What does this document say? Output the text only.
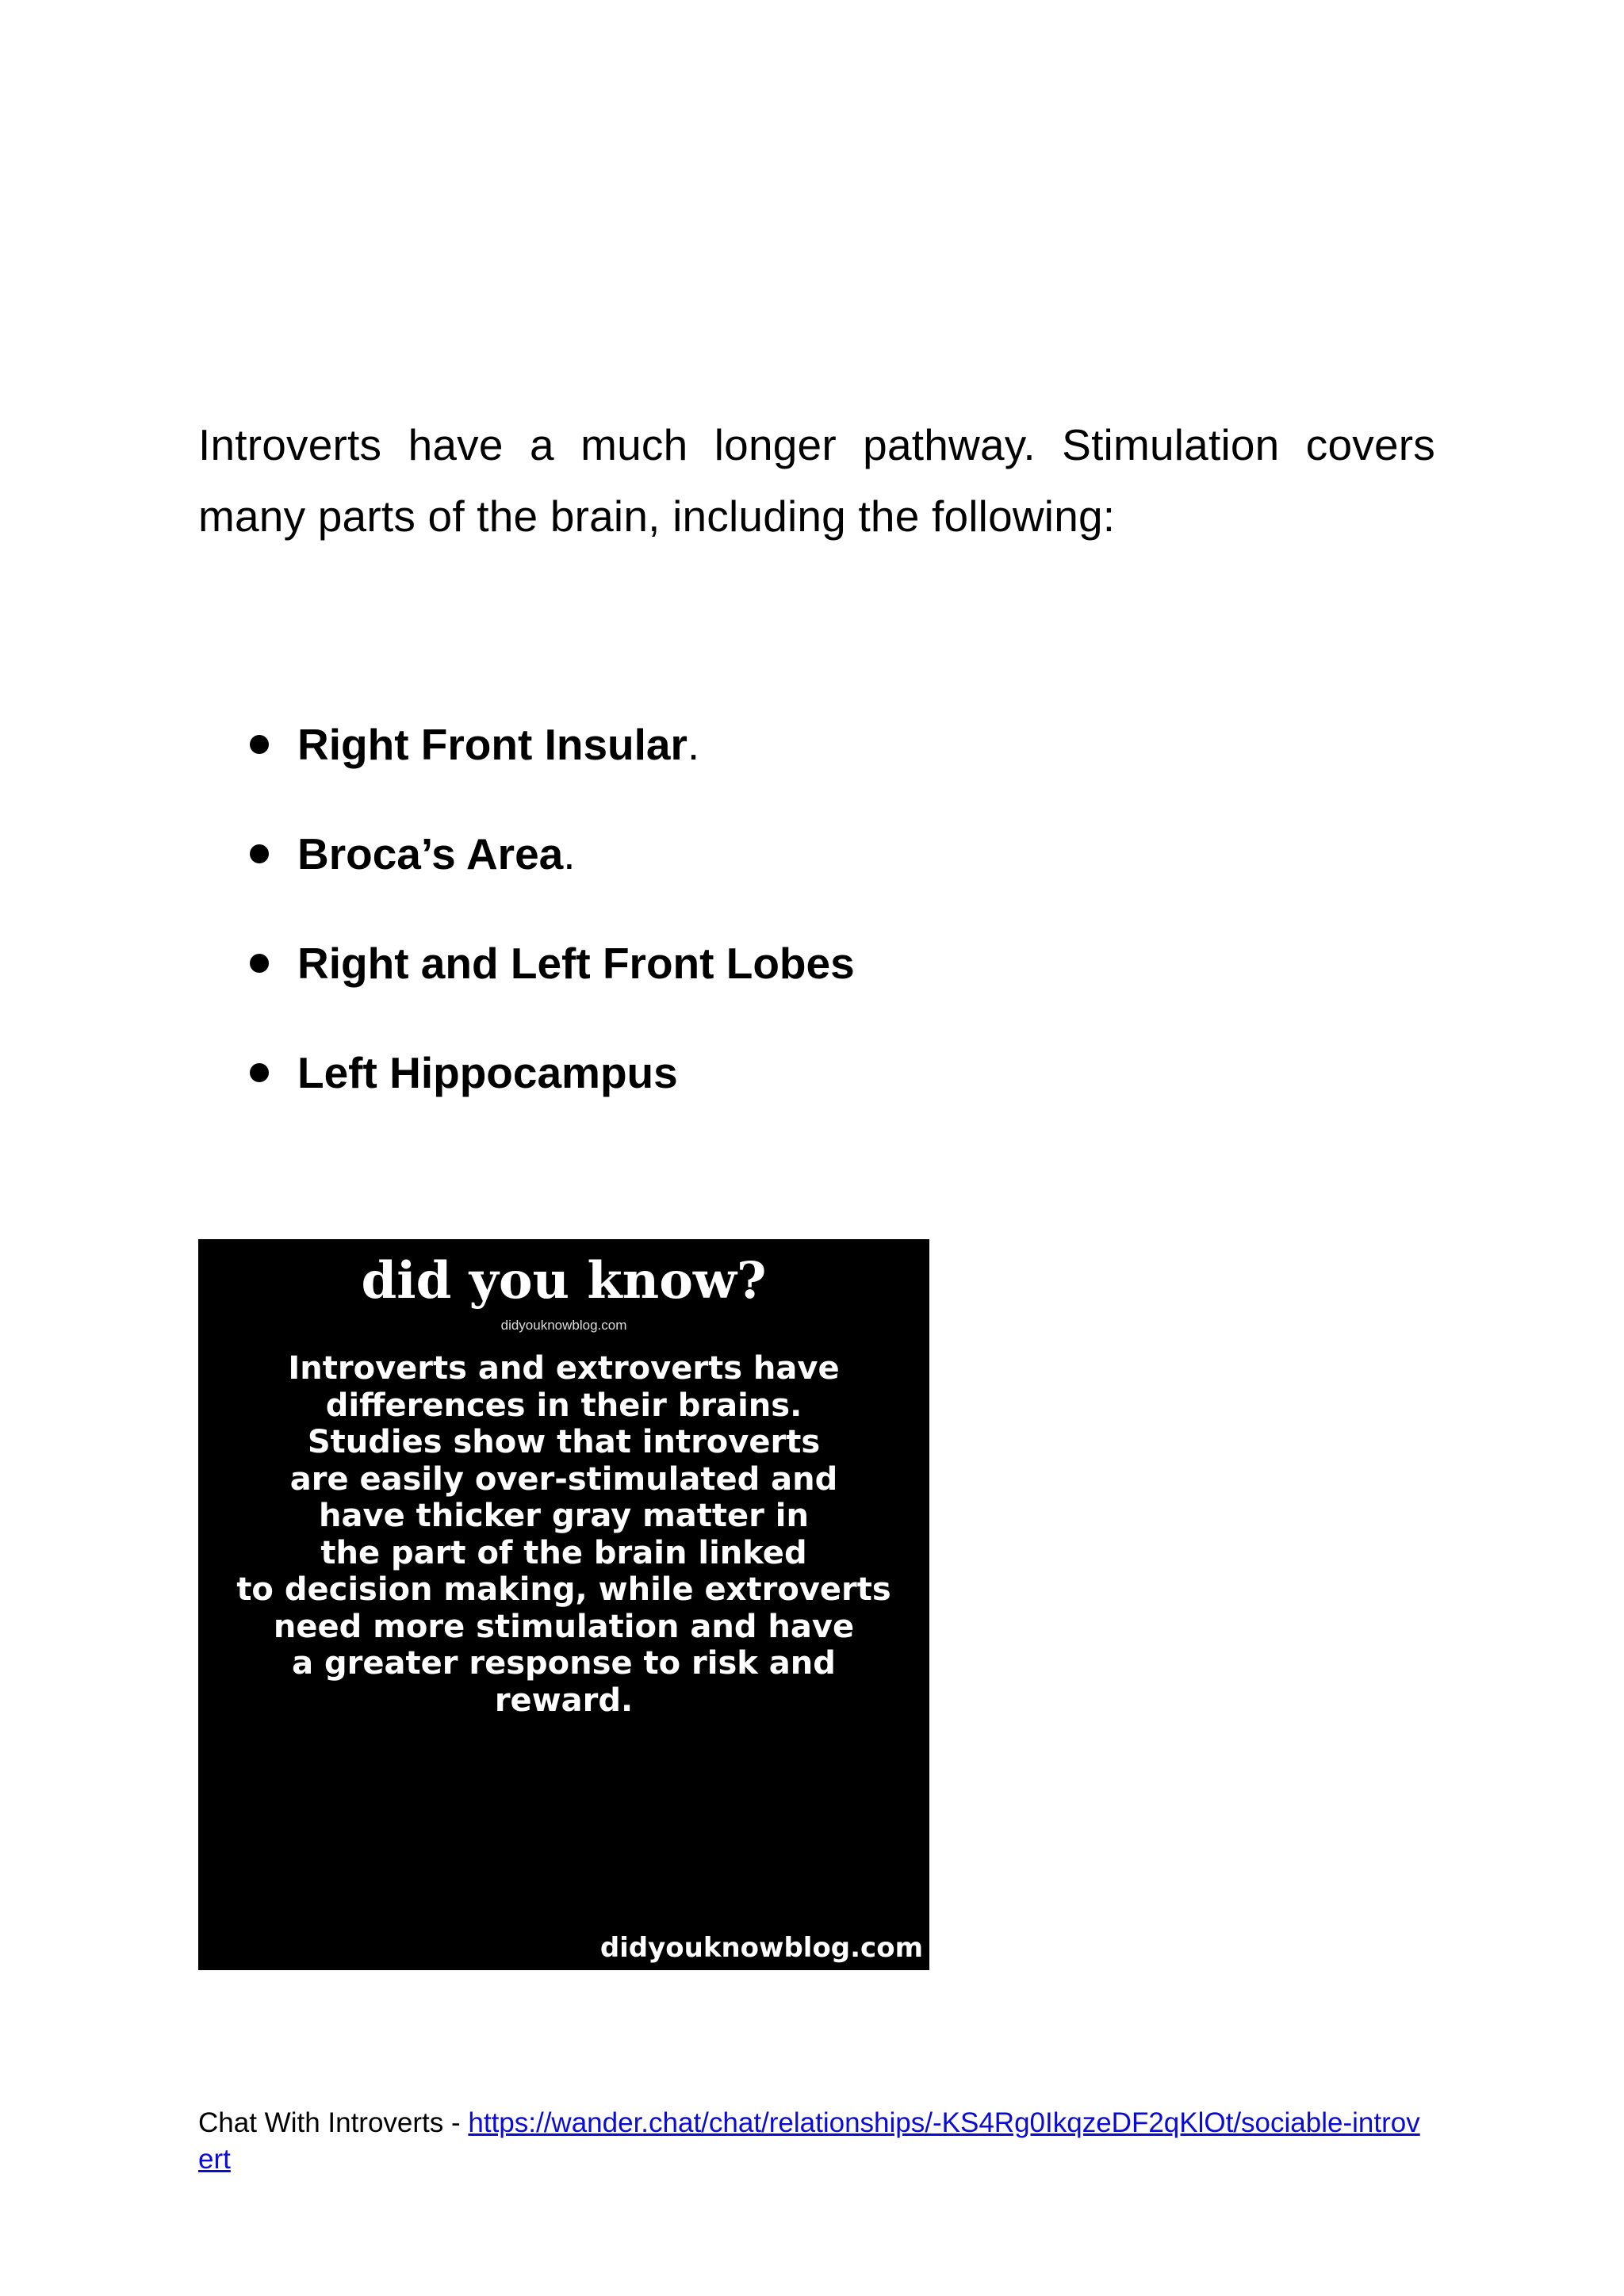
Introverts have a much longer pathway. Stimulation covers many parts of the brain, including the following:

Right Front Insular.
Broca’s Area.
Right and Left Front Lobes
Left Hippocampus
did you know?
didyouknowblog.com
Introverts and extroverts have
differences in their brains.
Studies show that introverts
are easily over-stimulated and
have thicker gray matter in
the part of the brain linked
to decision making, while extroverts
need more stimulation and have
a greater response to risk and
reward.
didyouknowblog.com
Chat With Introverts - https://wander.chat/chat/relationships/-KS4Rg0IkqzeDF2qKlOt/sociable-introvert
